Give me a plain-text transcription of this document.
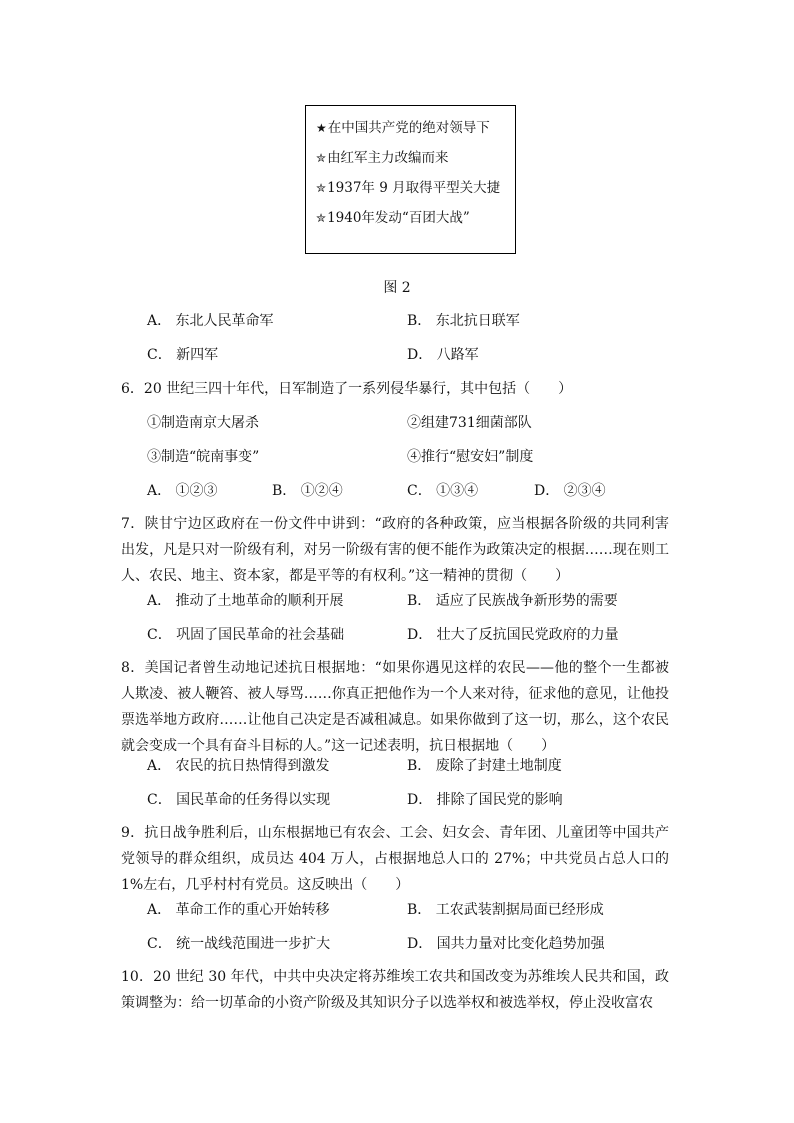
★在中国共产党的绝对领导下
✮由红军主力改编而来
✮1937年 9 月取得平型关大捷
✮1940年发动“百团大战”
图 2
A． 东北人民革命军	B． 东北抗日联军
C． 新四军	D． 八路军
6．20 世纪三四十年代，日军制造了一系列侵华暴行，其中包括（　　）
①制造南京大屠杀	②组建731细菌部队
③制造“皖南事变”	④推行“慰安妇”制度
A． ①②③	B． ①②④	C． ①③④	D． ②③④
7．陕甘宁边区政府在一份文件中讲到：“政府的各种政策，应当根据各阶级的共同利害出发，凡是只对一阶级有利，对另一阶级有害的便不能作为政策决定的根据……现在则工人、农民、地主、资本家，都是平等的有权利。”这一精神的贯彻（　　）
A． 推动了土地革命的顺利开展	B． 适应了民族战争新形势的需要
C． 巩固了国民革命的社会基础	D． 壮大了反抗国民党政府的力量
8．美国记者曾生动地记述抗日根据地：“如果你遇见这样的农民——他的整个一生都被人欺凌、被人鞭笞、被人辱骂……你真正把他作为一个人来对待，征求他的意见，让他投票选举地方政府……让他自己决定是否减租减息。如果你做到了这一切，那么，这个农民就会变成一个具有奋斗目标的人。”这一记述表明，抗日根据地（　　）
A． 农民的抗日热情得到激发	B． 废除了封建土地制度
C． 国民革命的任务得以实现	D． 排除了国民党的影响
9．抗日战争胜利后，山东根据地已有农会、工会、妇女会、青年团、儿童团等中国共产党领导的群众组织，成员达 404 万人，占根据地总人口的 27%；中共党员占总人口的 1%左右，几乎村村有党员。这反映出（　　）
A． 革命工作的重心开始转移	B． 工农武装割据局面已经形成
C． 统一战线范围进一步扩大	D． 国共力量对比变化趋势加强
10．20 世纪 30 年代，中共中央决定将苏维埃工农共和国改变为苏维埃人民共和国，政策调整为：给一切革命的小资产阶级及其知识分子以选举权和被选举权，停止没收富农
